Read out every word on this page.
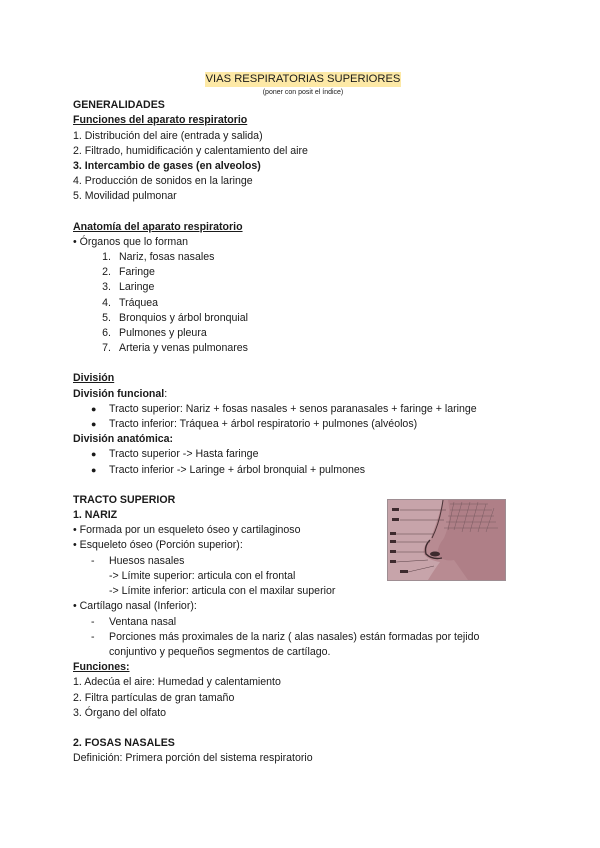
VIAS RESPIRATORIAS SUPERIORES
(poner con posit el índice)
GENERALIDADES
Funciones del aparato respiratorio
1. Distribución del aire (entrada y salida)
2. Filtrado, humidificación y calentamiento del aire
3. Intercambio de gases (en alveolos)
4. Producción de sonidos en la laringe
5. Movilidad pulmonar
Anatomía del aparato respiratorio
• Órganos que lo forman
1. Nariz, fosas nasales
2. Faringe
3. Laringe
4. Tráquea
5. Bronquios y árbol bronquial
6. Pulmones y pleura
7. Arteria y venas pulmonares
División
División funcional:
●	Tracto superior: Nariz + fosas nasales + senos paranasales + faringe + laringe
●	Tracto inferior: Tráquea + árbol respiratorio + pulmones (alvéolos)
División anatómica:
●	Tracto superior -> Hasta faringe
●	Tracto inferior -> Laringe + árbol bronquial + pulmones
TRACTO SUPERIOR
1. NARIZ
• Formada por un esqueleto óseo y cartilaginoso
• Esqueleto óseo (Porción superior):
-	Huesos nasales
-> Límite superior: articula con el frontal
-> Límite inferior: articula con el maxilar superior
• Cartílago nasal (Inferior):
-	Ventana nasal
-	Porciones más proximales de la nariz ( alas nasales) están formadas por tejido conjuntivo y pequeños segmentos de cartílago.
Funciones:
1. Adecúa el aire: Humedad y calentamiento
2. Filtra partículas de gran tamaño
3. Órgano del olfato
2. FOSAS NASALES
Definición: Primera porción del sistema respiratorio
